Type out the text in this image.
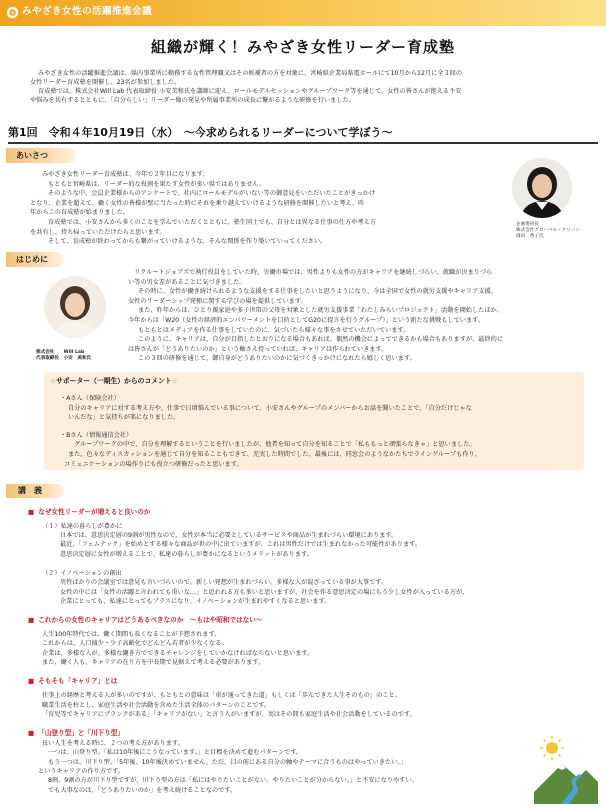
みやざき女性の活躍推進会議
組織が輝く！みやざき女性リーダー育成塾
みやざき女性の活躍推進会議は、県内事業所に勤務する女性管理職又はその候補者の方を対象に、宮崎県企業局県電ホールにて10月から12月に全３回の
女性リーダー育成塾を開催し、23名が参加しました。
育成塾では、株式会社Will Lab 代表取締役 小安美和氏を講師に迎え、ロールモデルセッションやグループワーク等を通じて、女性の皆さんが抱える不安
や悩みを共有するとともに、「自分らしい」リーダー像の発見や所属事業所の成長に繋がるような研修を行いました。
第1回　令和４年10月19日（水）　～今求められるリーダーについて学ぼう～
あいさつ
みやざき女性リーダー育成塾は、今年で２年目になります。
もともと宮崎県は、リーダー的な役割を果たす女性が多い県ではありません。
そのような中、会員企業様からのアンケートで、社内にロールモデルがいない等の御意見をいただいたことがきっかけ
となり、企業を超えて、働く女性の皆様が壁に当たった時にそれを乗り越えていけるような研修を開催したいと考え、昨
年からこの育成塾が始まりました。
育成塾では、小安さんから多くのことを学んでいただくとともに、塾生同士でも、自分とは異なる仕事の仕方や考え方
を共有し、持ち帰っていただけたらと思います。
そして、育成塾が終わってからも繋がっていけるような、そんな関係を作り築いていってください。
企画委員長
株式会社グローバル・クリーン
岡田　香子氏
はじめに
株式会社　　Will Lab
代表取締役　小安　美和氏
リクルートジョブズで執行役員をしていた時、労働市場では、男性よりも女性の方がキャリアを継続しづらい、就職が決まりづら
い等の男女差があることに気づきました。
その時に、女性が働き続けられるような支援をする仕事をしたいと思うようになり、今は全国で女性の就労支援やキャリア支援、
女性のリーダーシップ発揮に関する学びの場を提供しています。
また、昨年からは、ひとり親家庭や多子世帯の父母を対象とした就労支援事業「わたしみらいプロジェクト」活動を開始したほか、
今年からは「W20（女性の経済的エンパワーメントを目的としてG20に提言を行うグループ）」という新たな挑戦もしています。
もともとはメディアを作る仕事をしていたのに、気づいたら様々な事をさせていただいています。
このように、キャリアは、自分が目指したとおりになる場合もあれば、偶然の機会によってできるかも場合もありますが、最終的に
は皆さんが「どうありたいのか」という軸さえ持っていれば、キャリアは作られていきます。
この３回の研修を通じて、御自身がどうありたいのかに気づくきっかけになれたら嬉しく思います。
☆サポーター（一期生）からのコメント☆
・Aさん（保険会社）
自分のキャリアに対する考え方や、仕事で日頃悩んでいる事について、小安さんやグループのメンバーからお話を聞いたことで、「自分だけじゃな
いんだな」と気持ちが楽になりました。
・Bさん（情報通信会社）
グループワークの中で、自分を理解するということを行いましたが、他者を知って自分を知ることで「私ももっと頑張らなきゃ」と思いました。
また、色々なディスカッションを通じて自分を知ることもできて、充実した時間でした。最後には、同窓会のようなかたちでライングループも作り、
コミュニケーションの場作りにも役立つ研修だったと思います。
講　義
■ なぜ女性リーダーが増えると良いのか
（１）私達の暮らしが豊かに
日本では、意思決定層の9割が男性なので、女性が本当に必要としているサービスや商品が生まれづらい環境にあります。
最近、「フェムテック」を始めとする様々な商品が世の中に出ていますが、これは男性だけでは生まれなかった可能性があります。
意思決定層に女性が増えることで、私達の暮らしが豊かになるというメリットがあります。
（２）イノベーションの創出
男性ばかりの会議室では意見も言いづらいので、新しい発想が生まれづらい。多様な人が混ざっている事が大事です。
女性の中には「女性の活躍と言われても重いな…」と思われる方も多いと思いますが、社会を作る意思決定の場にもう少し女性が入っている方が、
企業にとっても、私達にとってもプラスになり、イノベーションが生まれやすくなると思います。
■ これからの女性のキャリアはどうあるべきなのか　～もはや昭和ではない～
人生100年時代では、働く期間も長くなることが予想されます。
これからは、人口減少・少子高齢化でどんどん若者が少なくなる。
企業は、多様な人が、多様な働き方でできるチャレンジをしていかなければならないと思います。
また、働く人も、キャリアの在り方を中長期で見据えて考える必要があります。
■ そもそも「キャリア」とは
仕事上の経歴と考える人が多いのですが、もともとの意味は「車が通ってきた道」もしくは「歩んできた人生そのもの」のこと。
職業生活を柱とし、家庭生活や社会活動を含めた生活全体のパターンのことです。
「育児等でキャリアにブランクがある」「キャリアがない」と言う人がいますが、実はその間も家庭生活や社会活動をしているのです。
■ 「山登り型」と「川下り型」
長い人生を考える時に、２つの考え方があります。
一つは、山登り型。「私は10年後にこうなっています。」と目標を決めて進むパターンです。
もう一つは、川下り型。「5年後、10年後決めていません。ただ、目の前にある自分の軸やテーマに合うものはやっていきたい。」
というキャリアの作り方です。
8割、9割の方が川下り型ですが、川下り型の方は「私にはやりたいことがない。やりたいことが分からない。」と不安になりやすい。
でも大事なのは、「どうありたいのか」を考え続けることなのです。
